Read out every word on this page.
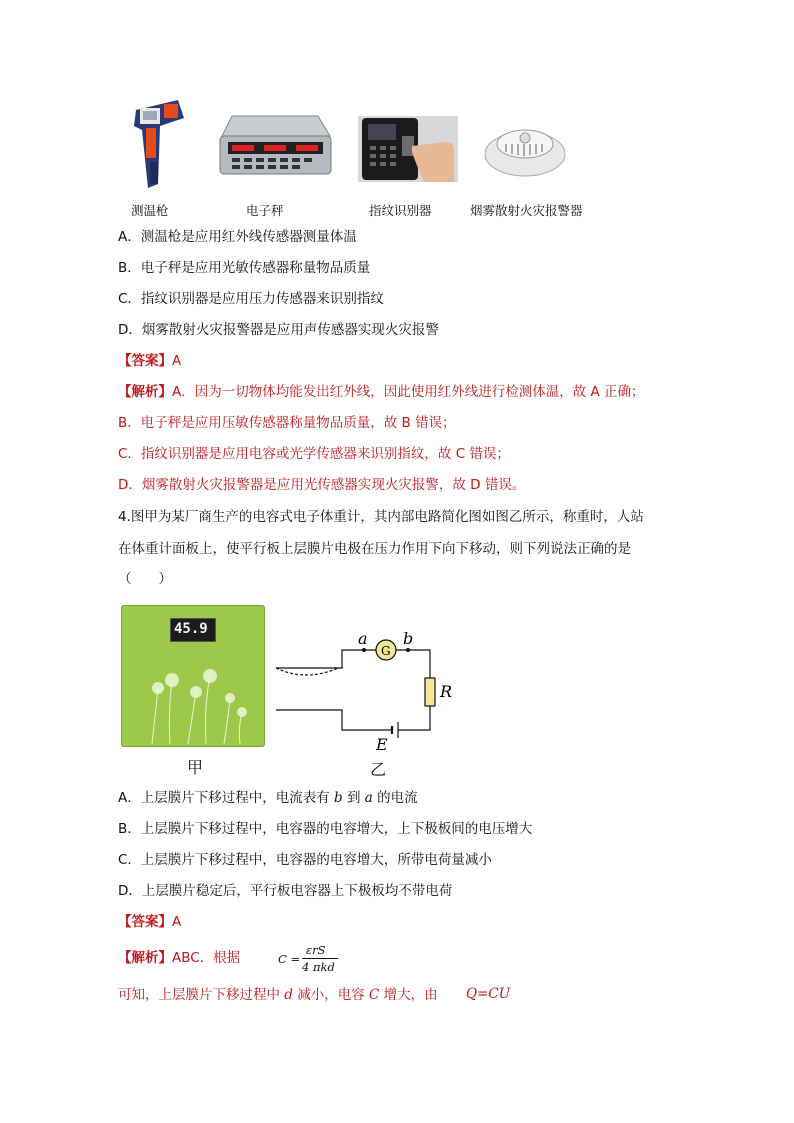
测温枪	电子秤	指纹识别器	烟雾散射火灾报警器
A．测温枪是应用红外线传感器测量体温
B．电子秤是应用光敏传感器称量物品质量
C．指纹识别器是应用压力传感器来识别指纹
D．烟雾散射火灾报警器是应用声传感器实现火灾报警
【答案】A
【解析】A．因为一切物体均能发出红外线，因此使用红外线进行检测体温，故 A 正确；
B．电子秤是应用压敏传感器称量物品质量，故 B 错误；
C．指纹识别器是应用电容或光学传感器来识别指纹，故 C 错误；
D．烟雾散射火灾报警器是应用光传感器实现火灾报警，故 D 错误。
4.图甲为某厂商生产的电容式电子体重计，其内部电路简化图如图乙所示，称重时，人站
在体重计面板上，使平行板上层膜片电极在压力作用下向下移动，则下列说法正确的是
（　　）
45.9
甲
G
a b
R
E
乙
A．上层膜片下移过程中，电流表有 b 到 a 的电流
B．上层膜片下移过程中，电容器的电容增大，上下极板间的电压增大
C．上层膜片下移过程中，电容器的电容增大，所带电荷量减小
D．上层膜片稳定后，平行板电容器上下极板均不带电荷
【答案】A
【解析】ABC．根据	C =
εrS
4 πkd
可知，上层膜片下移过程中 d 减小，电容 C 增大，由 Q=CU
